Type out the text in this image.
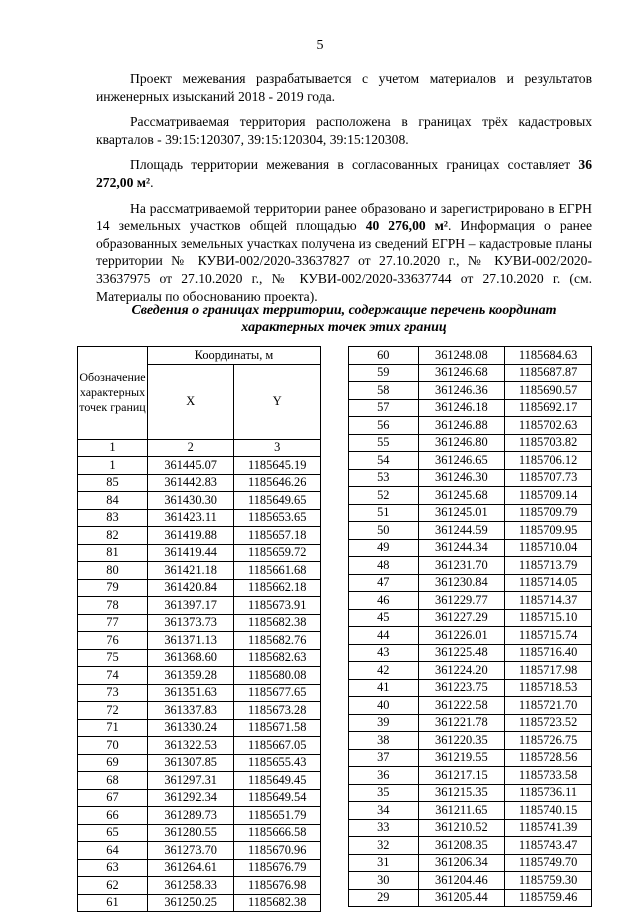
5

Проект межевания разрабатывается с учетом материалов и результатов инженерных изысканий 2018 - 2019 года.

Рассматриваемая территория расположена в границах трёх кадастровых кварталов - 39:15:120307, 39:15:120304, 39:15:120308.

Площадь территории межевания в согласованных границах составляет 36 272,00 м².

На рассматриваемой территории ранее образовано и зарегистрировано в ЕГРН 14 земельных участков общей площадью 40 276,00 м². Информация о ранее образованных земельных участках получена из сведений ЕГРН – кадастровые планы территории № КУВИ-002/2020-33637827 от 27.10.2020 г., № КУВИ-002/2020-33637975 от 27.10.2020 г., № КУВИ-002/2020-33637744 от 27.10.2020 г. (см. Материалы по обоснованию проекта).

Сведения о границах территории, содержащие перечень координат характерных точек этих границ
Обозначение характерных точек границ	Координаты, м	
	X	Y
1	2	3
1	361445.07	1185645.19
85	361442.83	1185646.26
84	361430.30	1185649.65
83	361423.11	1185653.65
82	361419.88	1185657.18
81	361419.44	1185659.72
80	361421.18	1185661.68
79	361420.84	1185662.18
78	361397.17	1185673.91
77	361373.73	1185682.38
76	361371.13	1185682.76
75	361368.60	1185682.63
74	361359.28	1185680.08
73	361351.63	1185677.65
72	361337.83	1185673.28
71	361330.24	1185671.58
70	361322.53	1185667.05
69	361307.85	1185655.43
68	361297.31	1185649.45
67	361292.34	1185649.54
66	361289.73	1185651.79
65	361280.55	1185666.58
64	361273.70	1185670.96
63	361264.61	1185676.79
62	361258.33	1185676.98
61	361250.25	1185682.38
60	361248.08	1185684.63
59	361246.68	1185687.87
58	361246.36	1185690.57
57	361246.18	1185692.17
56	361246.88	1185702.63
55	361246.80	1185703.82
54	361246.65	1185706.12
53	361246.30	1185707.73
52	361245.68	1185709.14
51	361245.01	1185709.79
50	361244.59	1185709.95
49	361244.34	1185710.04
48	361231.70	1185713.79
47	361230.84	1185714.05
46	361229.77	1185714.37
45	361227.29	1185715.10
44	361226.01	1185715.74
43	361225.48	1185716.40
42	361224.20	1185717.98
41	361223.75	1185718.53
40	361222.58	1185721.70
39	361221.78	1185723.52
38	361220.35	1185726.75
37	361219.55	1185728.56
36	361217.15	1185733.58
35	361215.35	1185736.11
34	361211.65	1185740.15
33	361210.52	1185741.39
32	361208.35	1185743.47
31	361206.34	1185749.70
30	361204.46	1185759.30
29	361205.44	1185759.46
